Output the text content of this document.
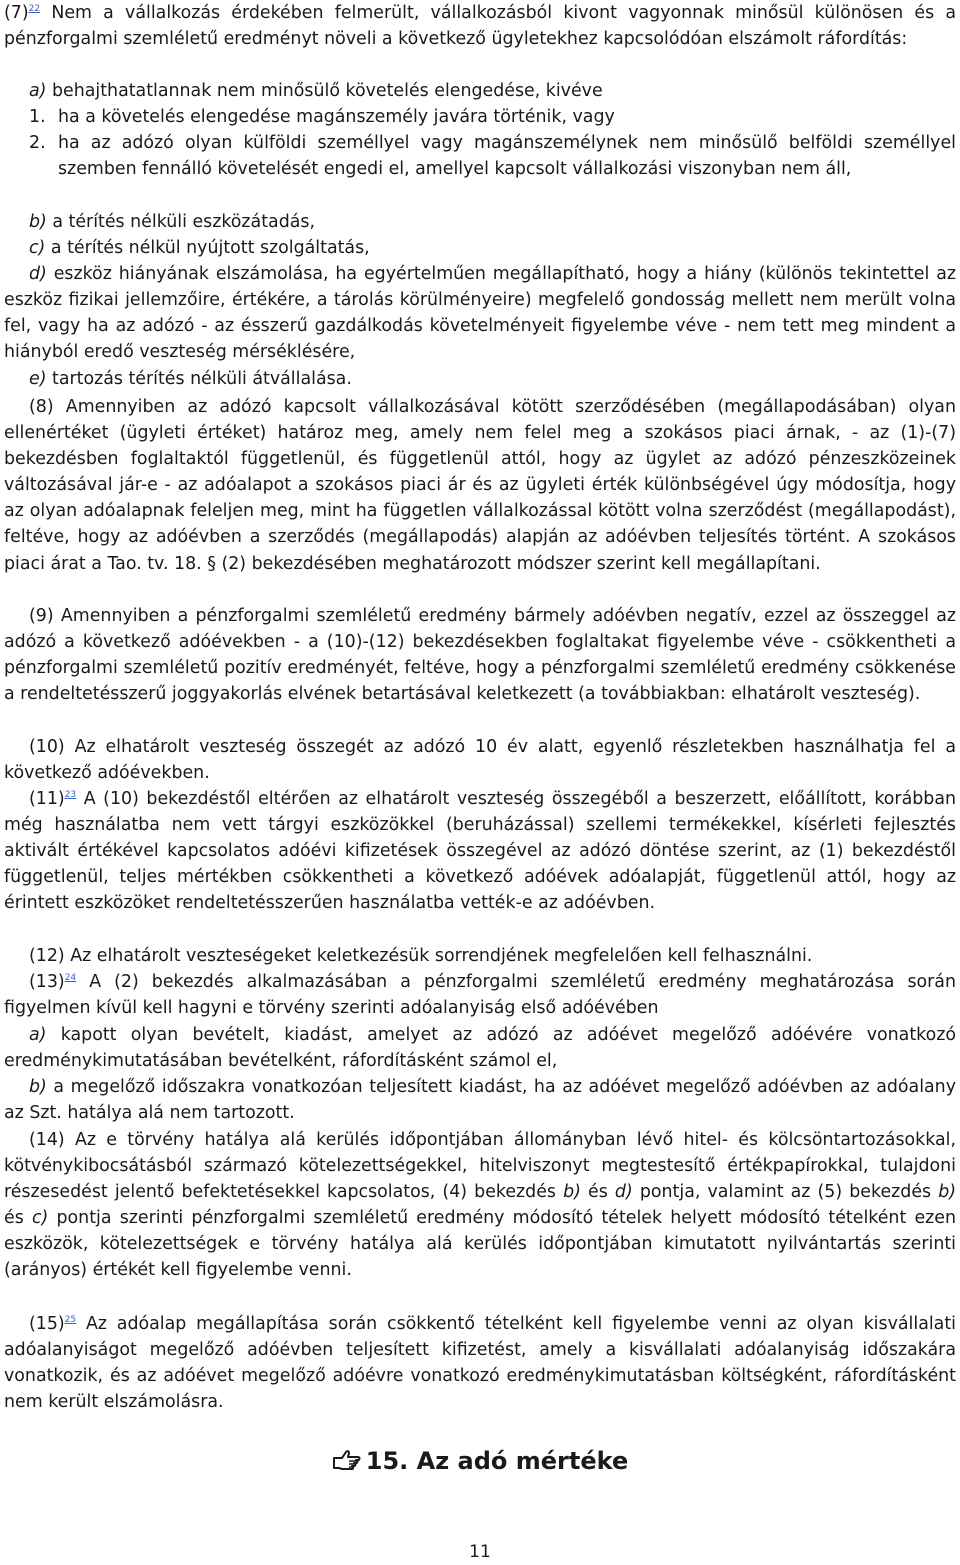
$(7)^{22}$ Nem a vállalkozás érdekében felmerült, vállalkozásból kivont vagyonnak minősül különösen és a pénzforgalmi szemléletű eredményt növeli a következő ügyletekhez kapcsolódóan elszámolt ráfordítás:

a) behajthatatlannak nem minősülő követelés elengedése, kivéve

1. ha a követelés elengedése magánszemély javára történik, vagy

2. ha az adózó olyan külföldi személlyel vagy magánszemélynek nem minősülő belföldi személlyel szemben fennálló követelését engedi el, amellyel kapcsolt vállalkozási viszonyban nem áll,

b) a térítés nélküli eszközátadás,

c) a térítés nélkül nyújtott szolgáltatás,

d) eszköz hiányának elszámolása, ha egyértelműen megállapítható, hogy a hiány (különös tekintettel az eszköz fizikai jellemzőire, értékére, a tárolás körülményeire) megfelelő gondosság mellett nem merült volna fel, vagy ha az adózó - az ésszerű gazdálkodás követelményeit figyelembe véve - nem tett meg mindent a hiányból eredő veszteség mérséklésére,

e) tartozás térítés nélküli átvállalása.

(8) Amennyiben az adózó kapcsolt vállalkozásával kötött szerződésében (megállapodásában) olyan ellenértéket (ügyleti értéket) határoz meg, amely nem felel meg a szokásos piaci árnak, - az (1)-(7) bekezdésben foglaltaktól függetlenül, és függetlenül attól, hogy az ügylet az adózó pénzeszközeinek változásával jár-e - az adóalapot a szokásos piaci ár és az ügyleti érték különbségével úgy módosítja, hogy az olyan adóalapnak feleljen meg, mint ha független vállalkozással kötött volna szerződést (megállapodást), feltéve, hogy az adóévben a szerződés (megállapodás) alapján az adóévben teljesítés történt. A szokásos piaci árat a Tao. tv. 18. § (2) bekezdésében meghatározott módszer szerint kell megállapítani.

(9) Amennyiben a pénzforgalmi szemléletű eredmény bármely adóévben negatív, ezzel az összeggel az adózó a következő adóévekben - a (10)-(12) bekezdésekben foglaltakat figyelembe véve - csökkentheti a pénzforgalmi szemléletű pozitív eredményét, feltéve, hogy a pénzforgalmi szemléletű eredmény csökkenése a rendeltetésszerű joggyakorlás elvének betartásával keletkezett (a továbbiakban: elhatárolt veszteség).

(10) Az elhatárolt veszteség összegét az adózó 10 év alatt, egyenlő részletekben használhatja fel a következő adóévekben.

$(11)^{23}$ A (10) bekezdéstől eltérően az elhatárolt veszteség összegéből a beszerzett, előállított, korábban még használatba nem vett tárgyi eszközökkel (beruházással) szellemi termékekkel, kísérleti fejlesztés aktivált értékével kapcsolatos adóévi kifizetések összegével az adózó döntése szerint, az (1) bekezdéstől függetlenül, teljes mértékben csökkentheti a következő adóévek adóalapját, függetlenül attól, hogy az érintett eszközöket rendeltetésszerűen használatba vették-e az adóévben.

(12) Az elhatárolt veszteségeket keletkezésük sorrendjének megfelelően kell felhasználni.

$(13)^{24}$ A (2) bekezdés alkalmazásában a pénzforgalmi szemléletű eredmény meghatározása során figyelmen kívül kell hagyni e törvény szerinti adóalanyiság első adóévében

a) kapott olyan bevételt, kiadást, amelyet az adózó az adóévet megelőző adóévére vonatkozó eredménykimutatásában bevételként, ráfordításként számol el,

b) a megelőző időszakra vonatkozóan teljesített kiadást, ha az adóévet megelőző adóévben az adóalany az Szt. hatálya alá nem tartozott.

(14) Az e törvény hatálya alá kerülés időpontjában állományban lévő hitel- és kölcsöntartozásokkal, kötvénykibocsátásból származó kötelezettségekkel, hitelviszonyt megtestesítő értékpapírokkal, tulajdoni részesedést jelentő befektetésekkel kapcsolatos, (4) bekezdés b) és d) pontja, valamint az (5) bekezdés b) és c) pontja szerinti pénzforgalmi szemléletű eredmény módosító tételek helyett módosító tételként ezen eszközök, kötelezettségek e törvény hatálya alá kerülés időpontjában kimutatott nyilvántartás szerinti (arányos) értékét kell figyelembe venni.

$(15)^{25}$ Az adóalap megállapítása során csökkentő tételként kell figyelembe venni az olyan kisvállalati adóalanyiságot megelőző adóévben teljesített kifizetést, amely a kisvállalati adóalanyiság időszakára vonatkozik, és az adóévet megelőző adóévre vonatkozó eredménykimutatásban költségként, ráfordításként nem került elszámolásra.

15. Az adó mértéke
11
